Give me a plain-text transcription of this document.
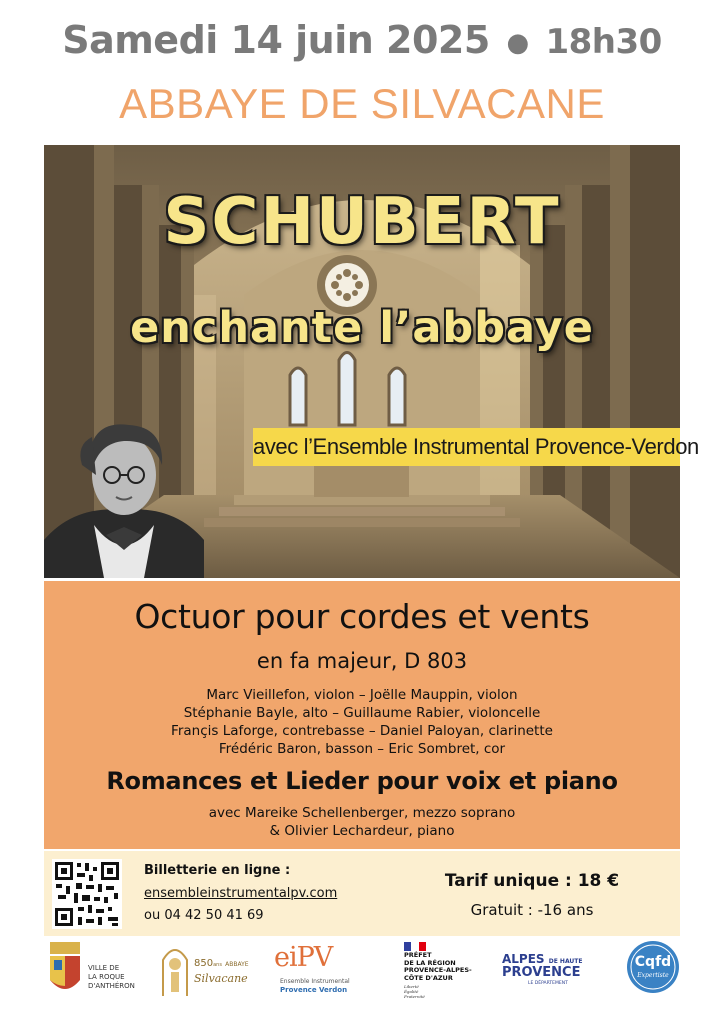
Samedi 14 juin 2025 ● 18h30
ABBAYE DE SILVACANE
SCHUBERT
enchante l’abbaye
avec l’Ensemble Instrumental Provence-Verdon
Octuor pour cordes et vents
en fa majeur, D 803
Marc Vieillefon, violon – Joëlle Mauppin, violon
Stéphanie Bayle, alto – Guillaume Rabier, violoncelle
Françis Laforge, contrebasse – Daniel Paloyan, clarinette
Frédéric Baron, basson – Eric Sombret, cor
Romances et Lieder pour voix et piano
avec Mareike Schellenberger, mezzo soprano
& Olivier Lechardeur, piano
Billetterie en ligne :
ensembleinstrumentalpv.com
ou 04 42 50 41 69
Tarif unique : 18 €
Gratuit : -16 ans
VILLE DE
LA ROQUE
D'ANTHÉRON
850ans ABBAYE
Silvacane
eiPV
Ensemble Instrumental
Provence Verdon
PRÉFET
DE LA RÉGION
PROVENCE-ALPES-
CÔTE D'AZUR
Liberté
Égalité
Fraternité
ALPES DE HAUTE
PROVENCE
LE DÉPARTEMENT
Cqfd
Expertiste
